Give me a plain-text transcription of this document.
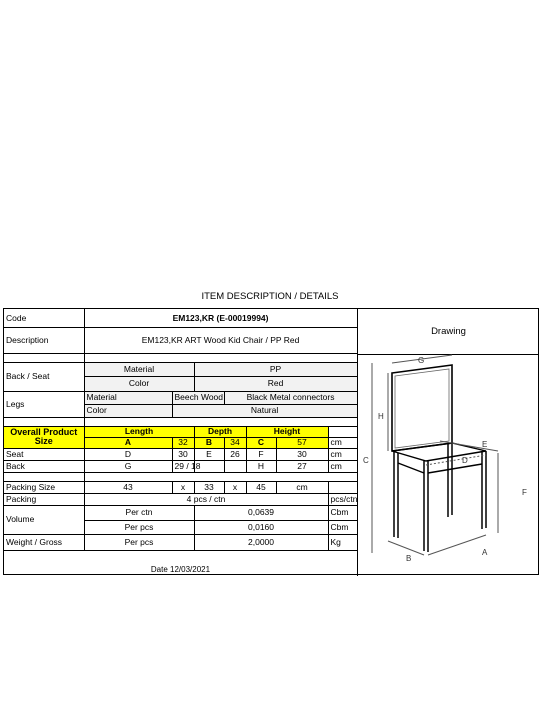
ITEM DESCRIPTION / DETAILS
Code	EM123,KR (E-00019994)						
Description	EM123,KR ART Wood Kid Chair / PP Red						

Back / Seat	Material		PP				
	Color		Red				
Legs	Material	Beech Wood		Black Metal connectors			
	Color	Natural					

Overall Product
Size	Length		Depth		Height		
	A	32	B	34	C	57	cm
Seat	D	30	E	26	F	30	cm
Back	G	29 / 18			H	27	cm

Packing Size	43	x	33	x	45	cm	
Packing	4 pcs / ctn						pcs/ctn
Volume	Per ctn		0,0639				Cbm
	Per pcs		0,0160				Cbm
Weight / Gross	Per pcs		2,0000				Kg
Date 12/03/2021
Drawing
G
H
C
E
D
F
B
A
